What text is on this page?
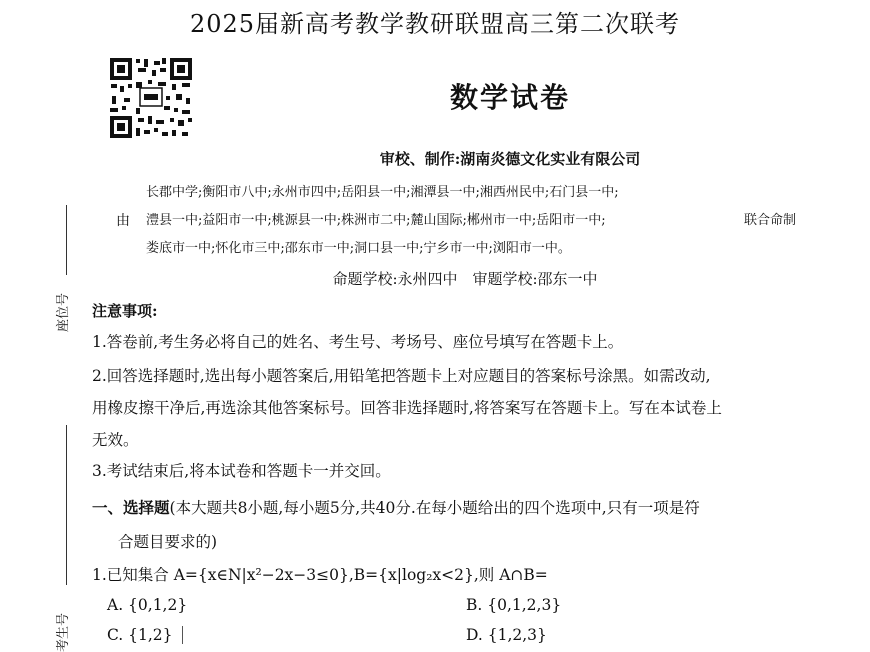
2025届新高考教学教研联盟高三第二次联考
数学试卷
审校、制作:湖南炎德文化实业有限公司
由
长郡中学;衡阳市八中;永州市四中;岳阳县一中;湘潭县一中;湘西州民中;石门县一中;
澧县一中;益阳市一中;桃源县一中;株洲市二中;麓山国际;郴州市一中;岳阳市一中;
娄底市一中;怀化市三中;邵东市一中;洞口县一中;宁乡市一中;浏阳市一中。
联合命制
命题学校:永州四中　审题学校:邵东一中
座位号
考生号
注意事项:
1.答卷前,考生务必将自己的姓名、考生号、考场号、座位号填写在答题卡上。
2.回答选择题时,选出每小题答案后,用铅笔把答题卡上对应题目的答案标号涂黑。如需改动,
用橡皮擦干净后,再选涂其他答案标号。回答非选择题时,将答案写在答题卡上。写在本试卷上
无效。
3.考试结束后,将本试卷和答题卡一并交回。
一、选择题(本大题共8小题,每小题5分,共40分.在每小题给出的四个选项中,只有一项是符
合题目要求的)
1.已知集合 A={x∈N|x²−2x−3≤0},B={x|log₂x<2},则 A∩B=
A. {0,1,2}	B. {0,1,2,3}
C. {1,2}	D. {1,2,3}
